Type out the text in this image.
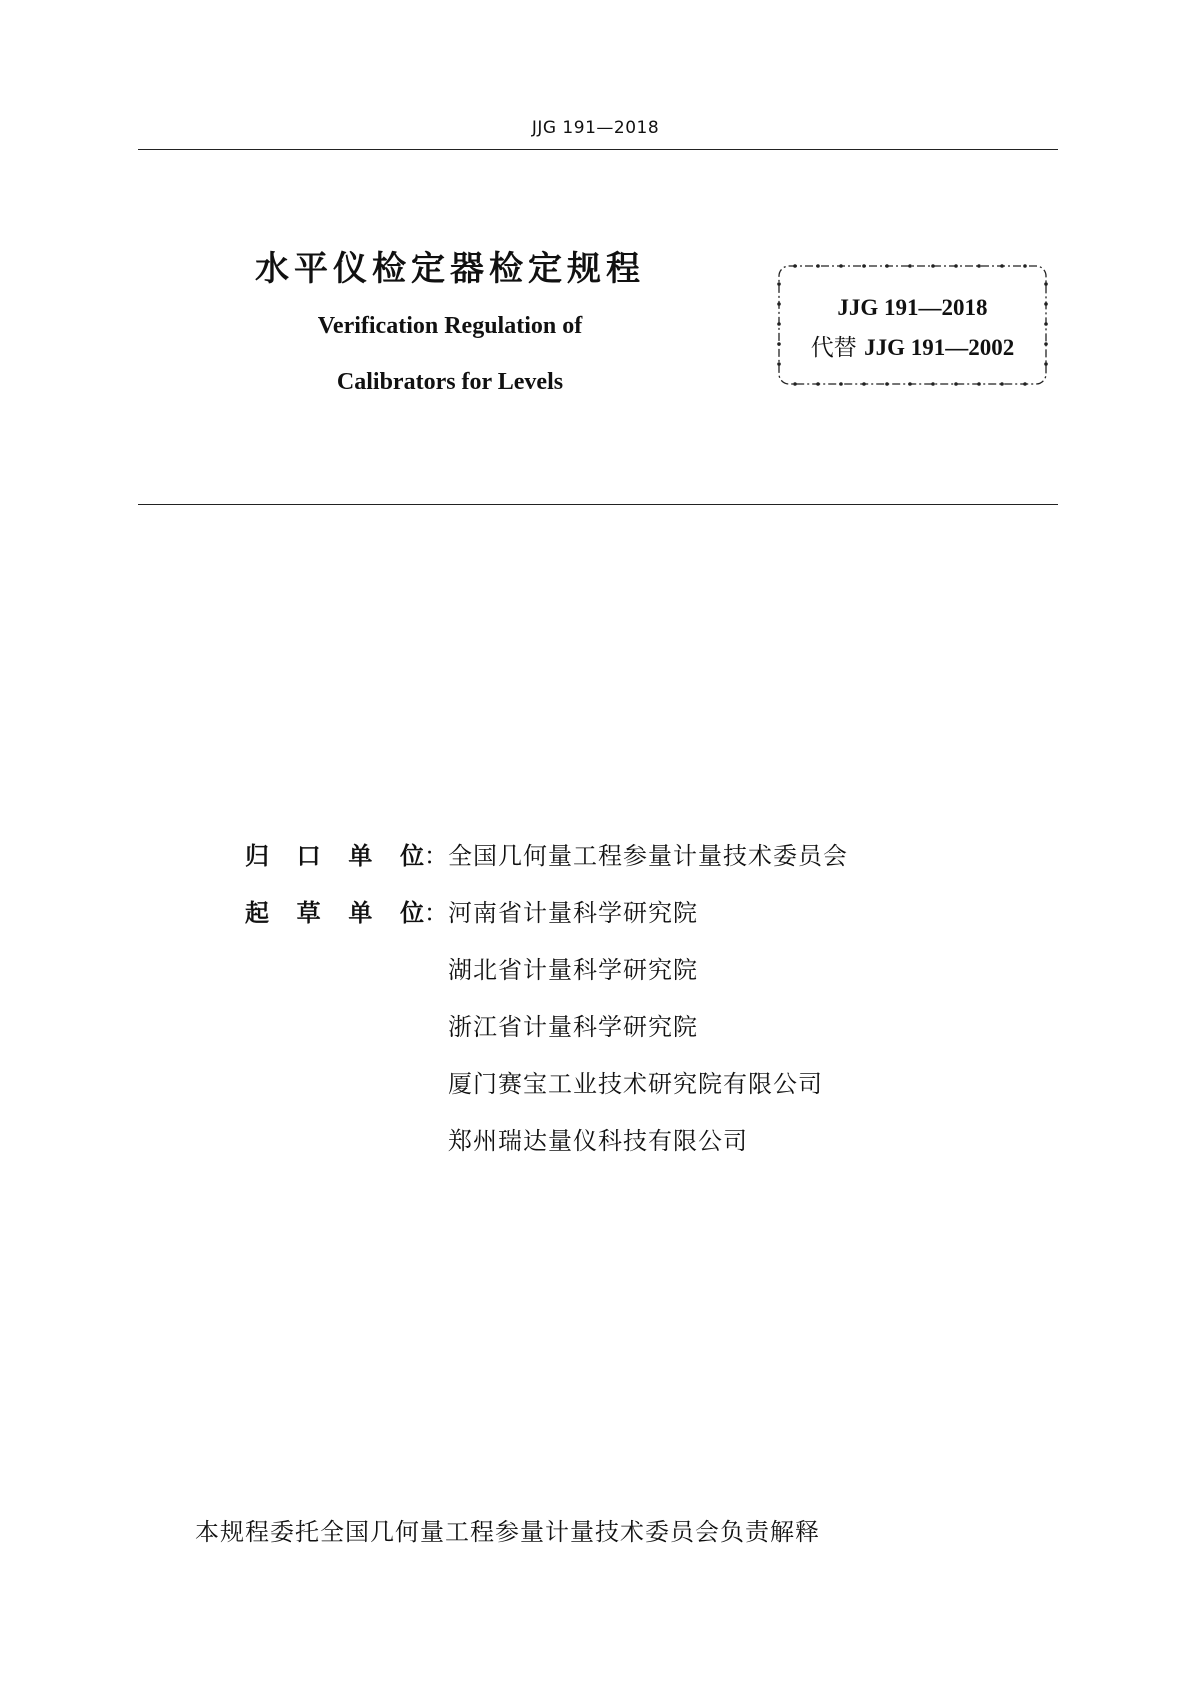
JJG 191—2018

水平仪检定器检定规程

Verification Regulation of

Calibrators for Levels

JJG 191—2018
代替 JJG 191—2002
归 口 单 位： 全国几何量工程参量计量技术委员会
起 草 单 位： 河南省计量科学研究院
湖北省计量科学研究院
浙江省计量科学研究院
厦门赛宝工业技术研究院有限公司
郑州瑞达量仪科技有限公司
本规程委托全国几何量工程参量计量技术委员会负责解释
